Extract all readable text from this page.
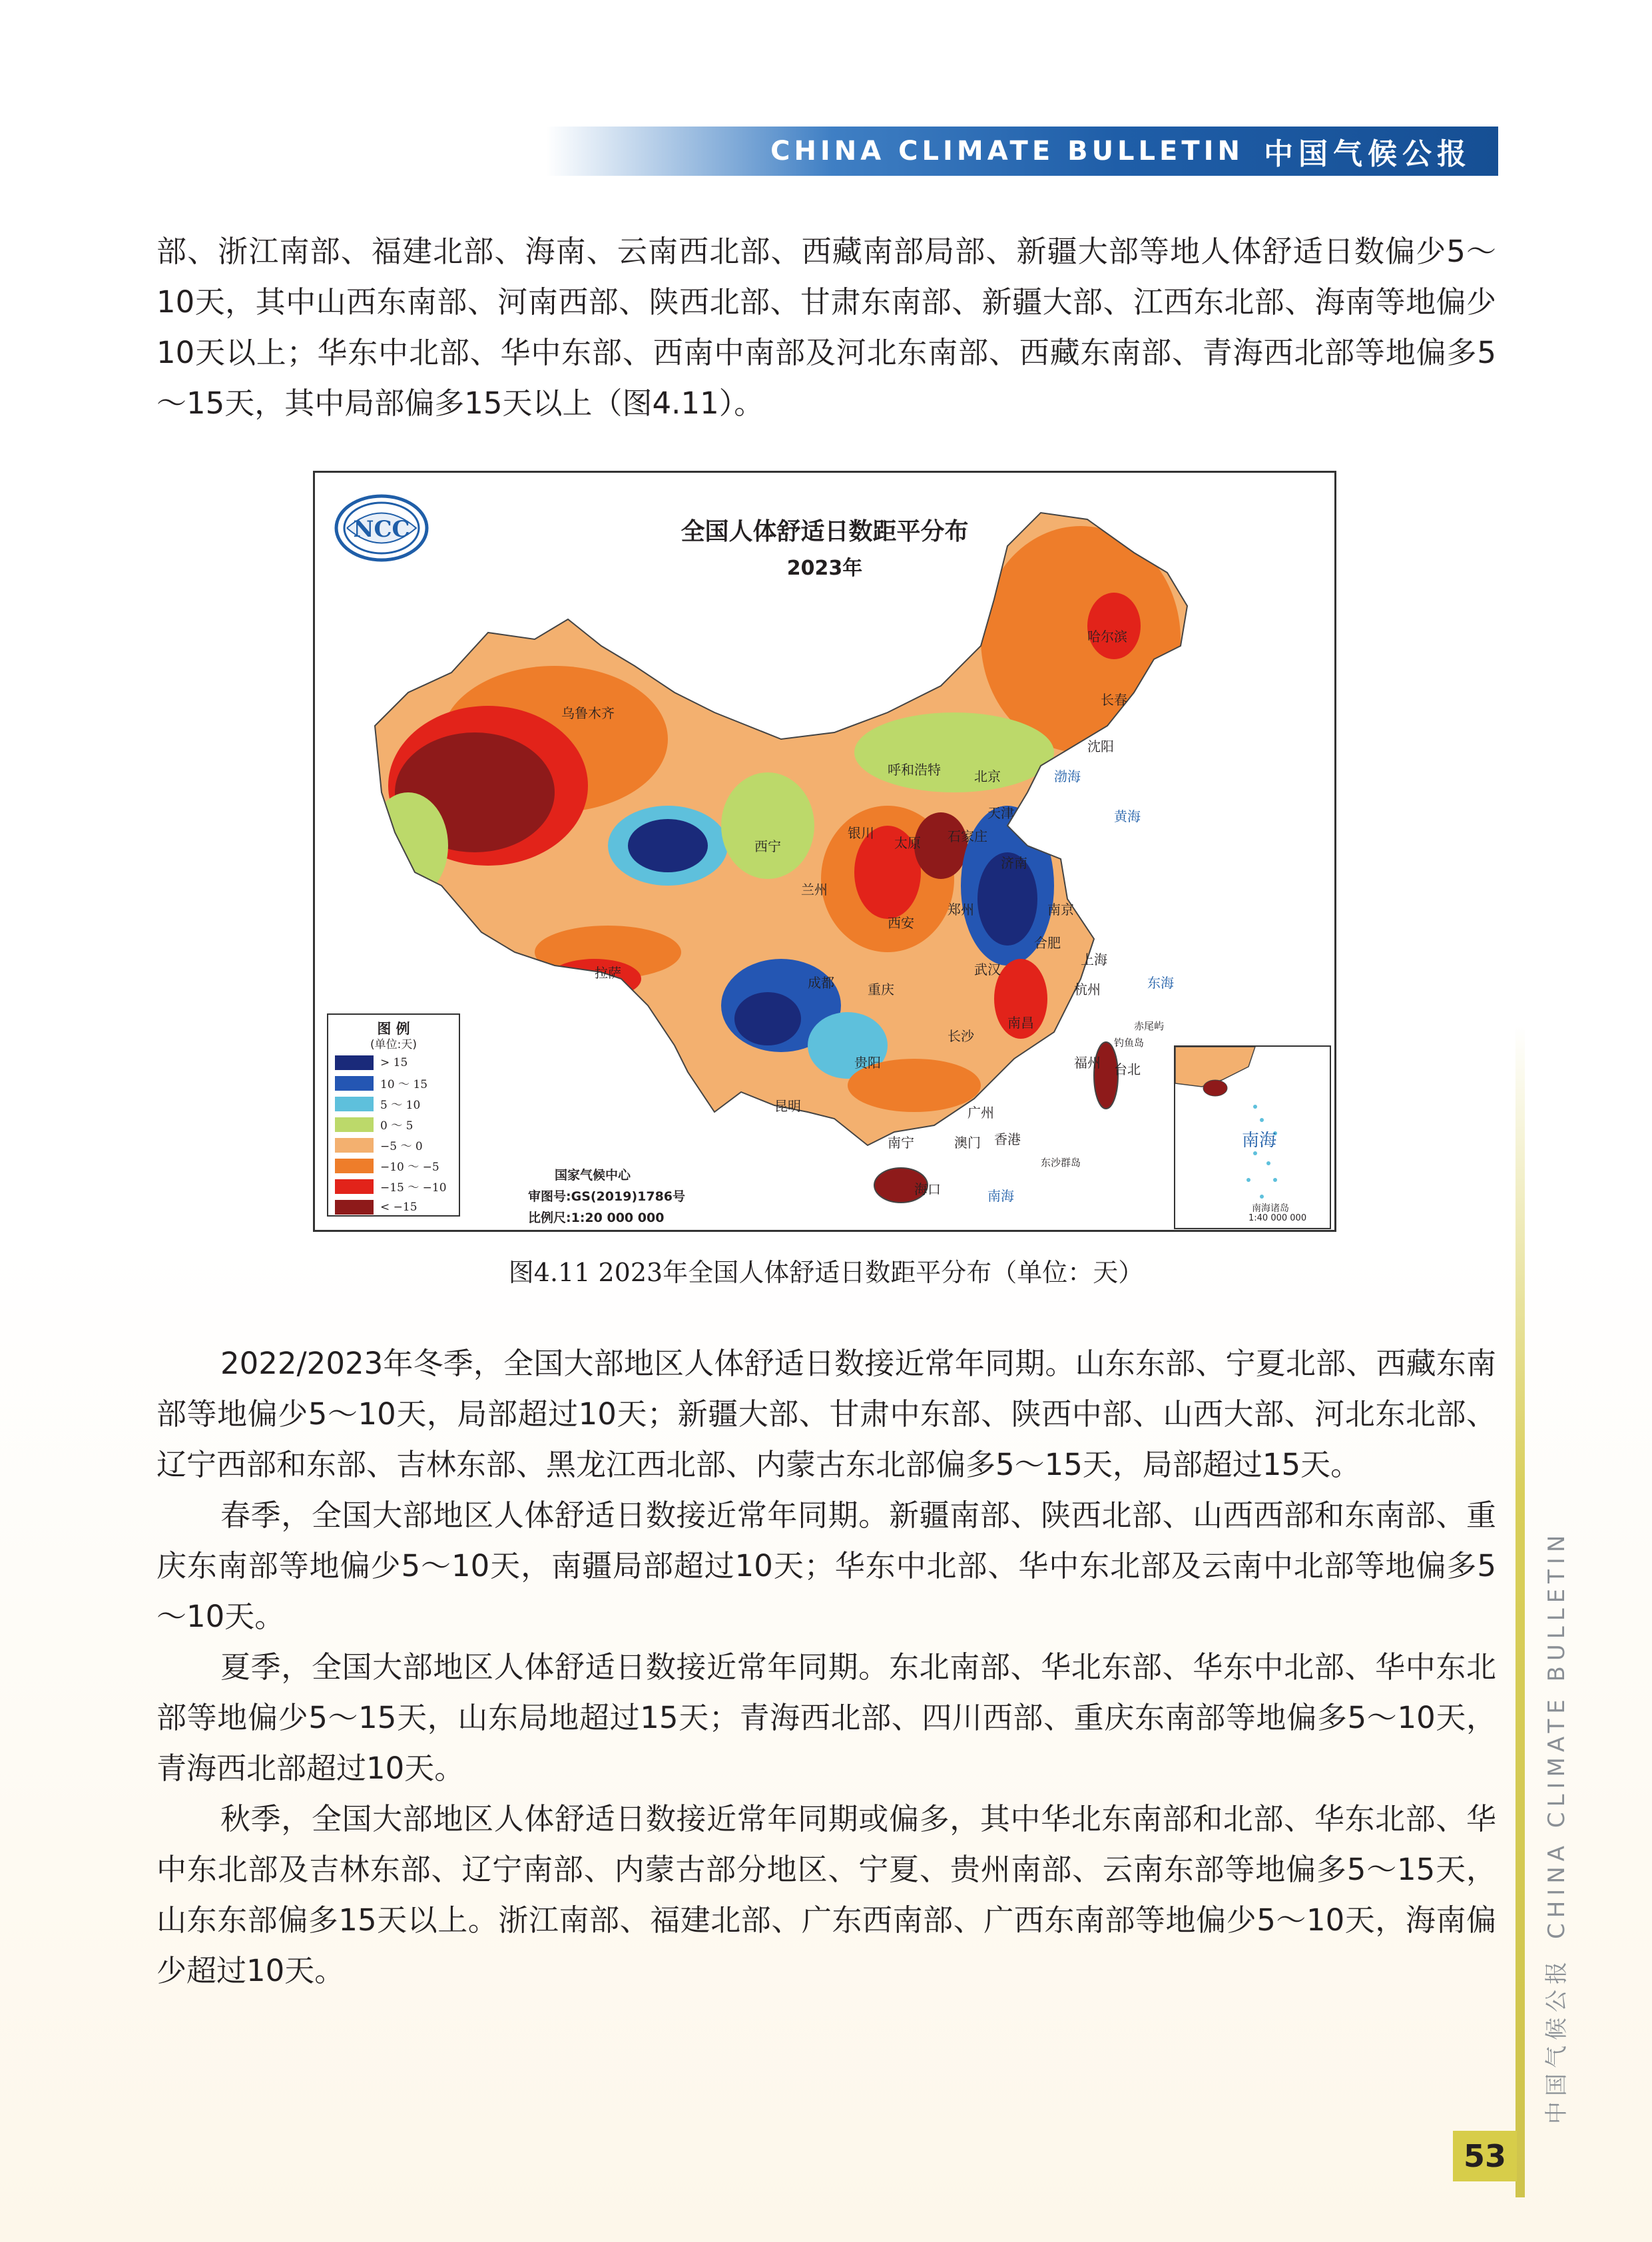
CHINA CLIMATE BULLETIN 中国气候公报

部、浙江南部、福建北部、海南、云南西北部、西藏南部局部、新疆大部等地人体舒适日数偏少5～10天，其中山西东南部、河南西部、陕西北部、甘肃东南部、新疆大部、江西东北部、海南等地偏少10天以上；华东中北部、华中东部、西南中南部及河北东南部、西藏东南部、青海西北部等地偏多5～15天，其中局部偏多15天以上（图4.11）。

NCC	全国人体舒适日数距平分布
2023年
乌鲁木齐
哈尔滨
长春
沈阳
呼和浩特	北京
天津
石家庄
太原
济南
银川
西宁
兰州
郑州
西安
合肥
南京
上海
杭州
武汉
成都	重庆
长沙
南昌
福州 台北
贵阳
昆明
南宁
广州
香港
澳门
海口
拉萨
渤海
黄海
东海
南海
赤尾屿
钓鱼岛
东沙群岛
图 例
(单位:天)
> 15
10 ～ 15
5 ～ 10
0 ～ 5
−5 ～ 0
−10 ～ −5
−15 ～ −10
< −15
国家气候中心
审图号:GS(2019)1786号
比例尺:1:20 000 000
南海
南海诸岛
1:40 000 000
图4.11 2023年全国人体舒适日数距平分布（单位：天）

2022/2023年冬季，全国大部地区人体舒适日数接近常年同期。山东东部、宁夏北部、西藏东南部等地偏少5～10天，局部超过10天；新疆大部、甘肃中东部、陕西中部、山西大部、河北东北部、辽宁西部和东部、吉林东部、黑龙江西北部、内蒙古东北部偏多5～15天，局部超过15天。

春季，全国大部地区人体舒适日数接近常年同期。新疆南部、陕西北部、山西西部和东南部、重庆东南部等地偏少5～10天，南疆局部超过10天；华东中北部、华中东北部及云南中北部等地偏多5～10天。

夏季，全国大部地区人体舒适日数接近常年同期。东北南部、华北东部、华东中北部、华中东北部等地偏少5～15天，山东局地超过15天；青海西北部、四川西部、重庆东南部等地偏多5～10天，青海西北部超过10天。

秋季，全国大部地区人体舒适日数接近常年同期或偏多，其中华北东南部和北部、华东北部、华中东北部及吉林东部、辽宁南部、内蒙古部分地区、宁夏、贵州南部、云南东部等地偏多5～15天，山东东部偏多15天以上。浙江南部、福建北部、广东西南部、广西东南部等地偏少5～10天，海南偏少超过10天。	中国气候公报CHINA CLIMATE BULLETIN
53
